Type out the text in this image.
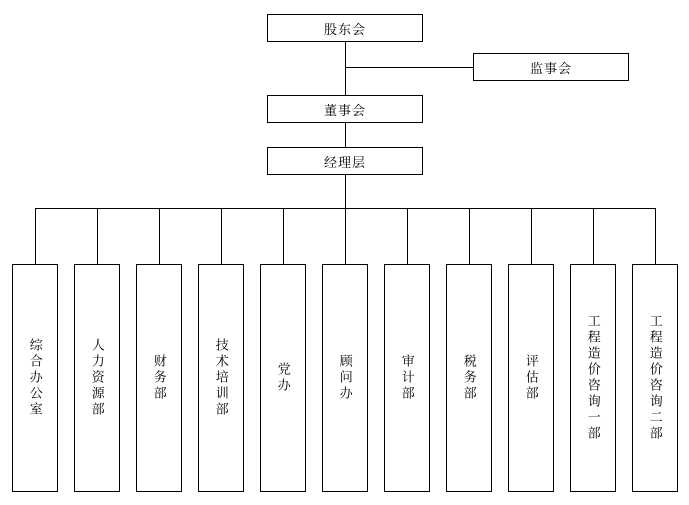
股东会
监事会
董事会
经理层
综合办公室	人力资源部	财务部	技术培训部	党办	顾问办	审计部	税务部	评估部	工程造价咨询一部	工程造价咨询二部
